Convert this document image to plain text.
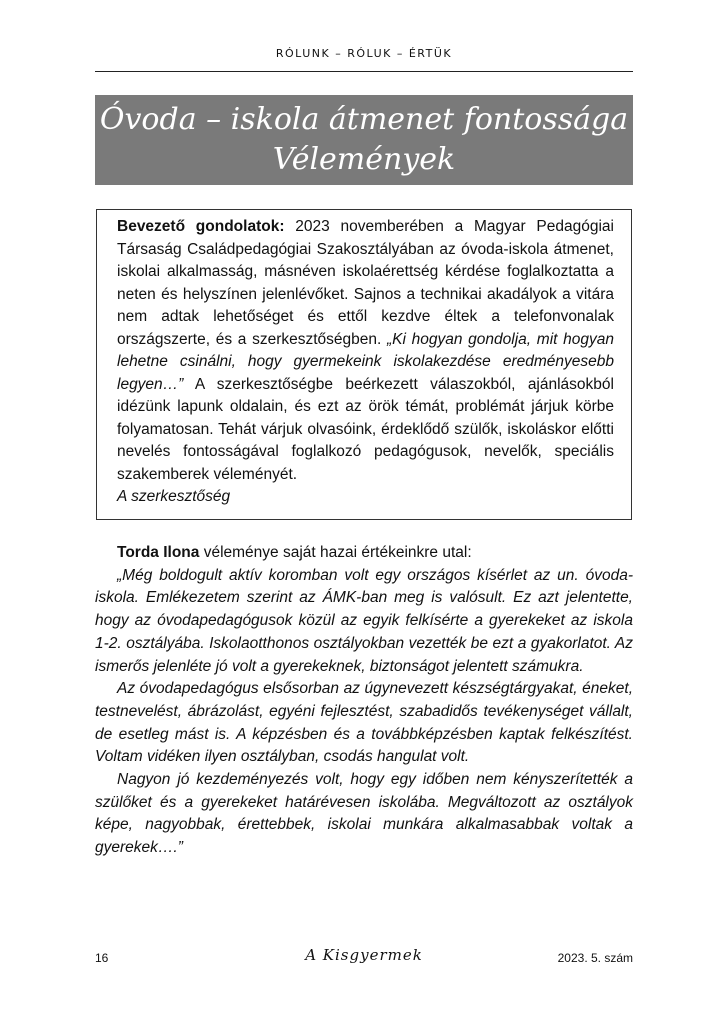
RÓLUNK – RÓLUK – ÉRTÜK
Óvoda – iskola átmenet fontossága
Vélemények

Bevezető gondolatok: 2023 novemberében a Magyar Pedagógiai Társaság Családpedagógiai Szakosztályában az óvoda-iskola átmenet, iskolai alkalmasság, másnéven iskolaérettség kérdése foglalkoztatta a neten és helyszínen jelenlévőket. Sajnos a technikai akadályok a vitára nem adtak lehetőséget és ettől kezdve éltek a telefonvonalak országszerte, és a szerkesztőségben. „Ki hogyan gondolja, mit hogyan lehetne csinálni, hogy gyermekeink iskolakezdése eredményesebb legyen…” A szerkesztőségbe beérkezett válaszokból, ajánlásokból idézünk lapunk oldalain, és ezt az örök témát, problémát járjuk körbe folyamatosan. Tehát várjuk olvasóink, érdeklődő szülők, iskoláskor előtti nevelés fontosságával foglalkozó pedagógusok, nevelők, speciális szakemberek véleményét.

A szerkesztőség

Torda Ilona véleménye saját hazai értékeinkre utal:

„Még boldogult aktív koromban volt egy országos kísérlet az un. óvoda-iskola. Emlékezetem szerint az ÁMK-ban meg is valósult. Ez azt jelentette, hogy az óvodapedagógusok közül az egyik felkísérte a gyerekeket az iskola 1-2. osztályába. Iskolaotthonos osztályokban vezették be ezt a gyakorlatot. Az ismerős jelenléte jó volt a gyerekeknek, biztonságot jelentett számukra.

Az óvodapedagógus elsősorban az úgynevezett készségtárgyakat, éneket, testnevelést, ábrázolást, egyéni fejlesztést, szabadidős tevékenységet vállalt, de esetleg mást is. A képzésben és a továbbképzésben kaptak felkészítést. Voltam vidéken ilyen osztályban, csodás hangulat volt.

Nagyon jó kezdeményezés volt, hogy egy időben nem kényszerítették a szülőket és a gyerekeket határévesen iskolába. Megváltozott az osztályok képe, nagyobbak, érettebbek, iskolai munkára alkalmasabbak voltak a gyerekek….”

16	A Kisgyermek	2023. 5. szám
